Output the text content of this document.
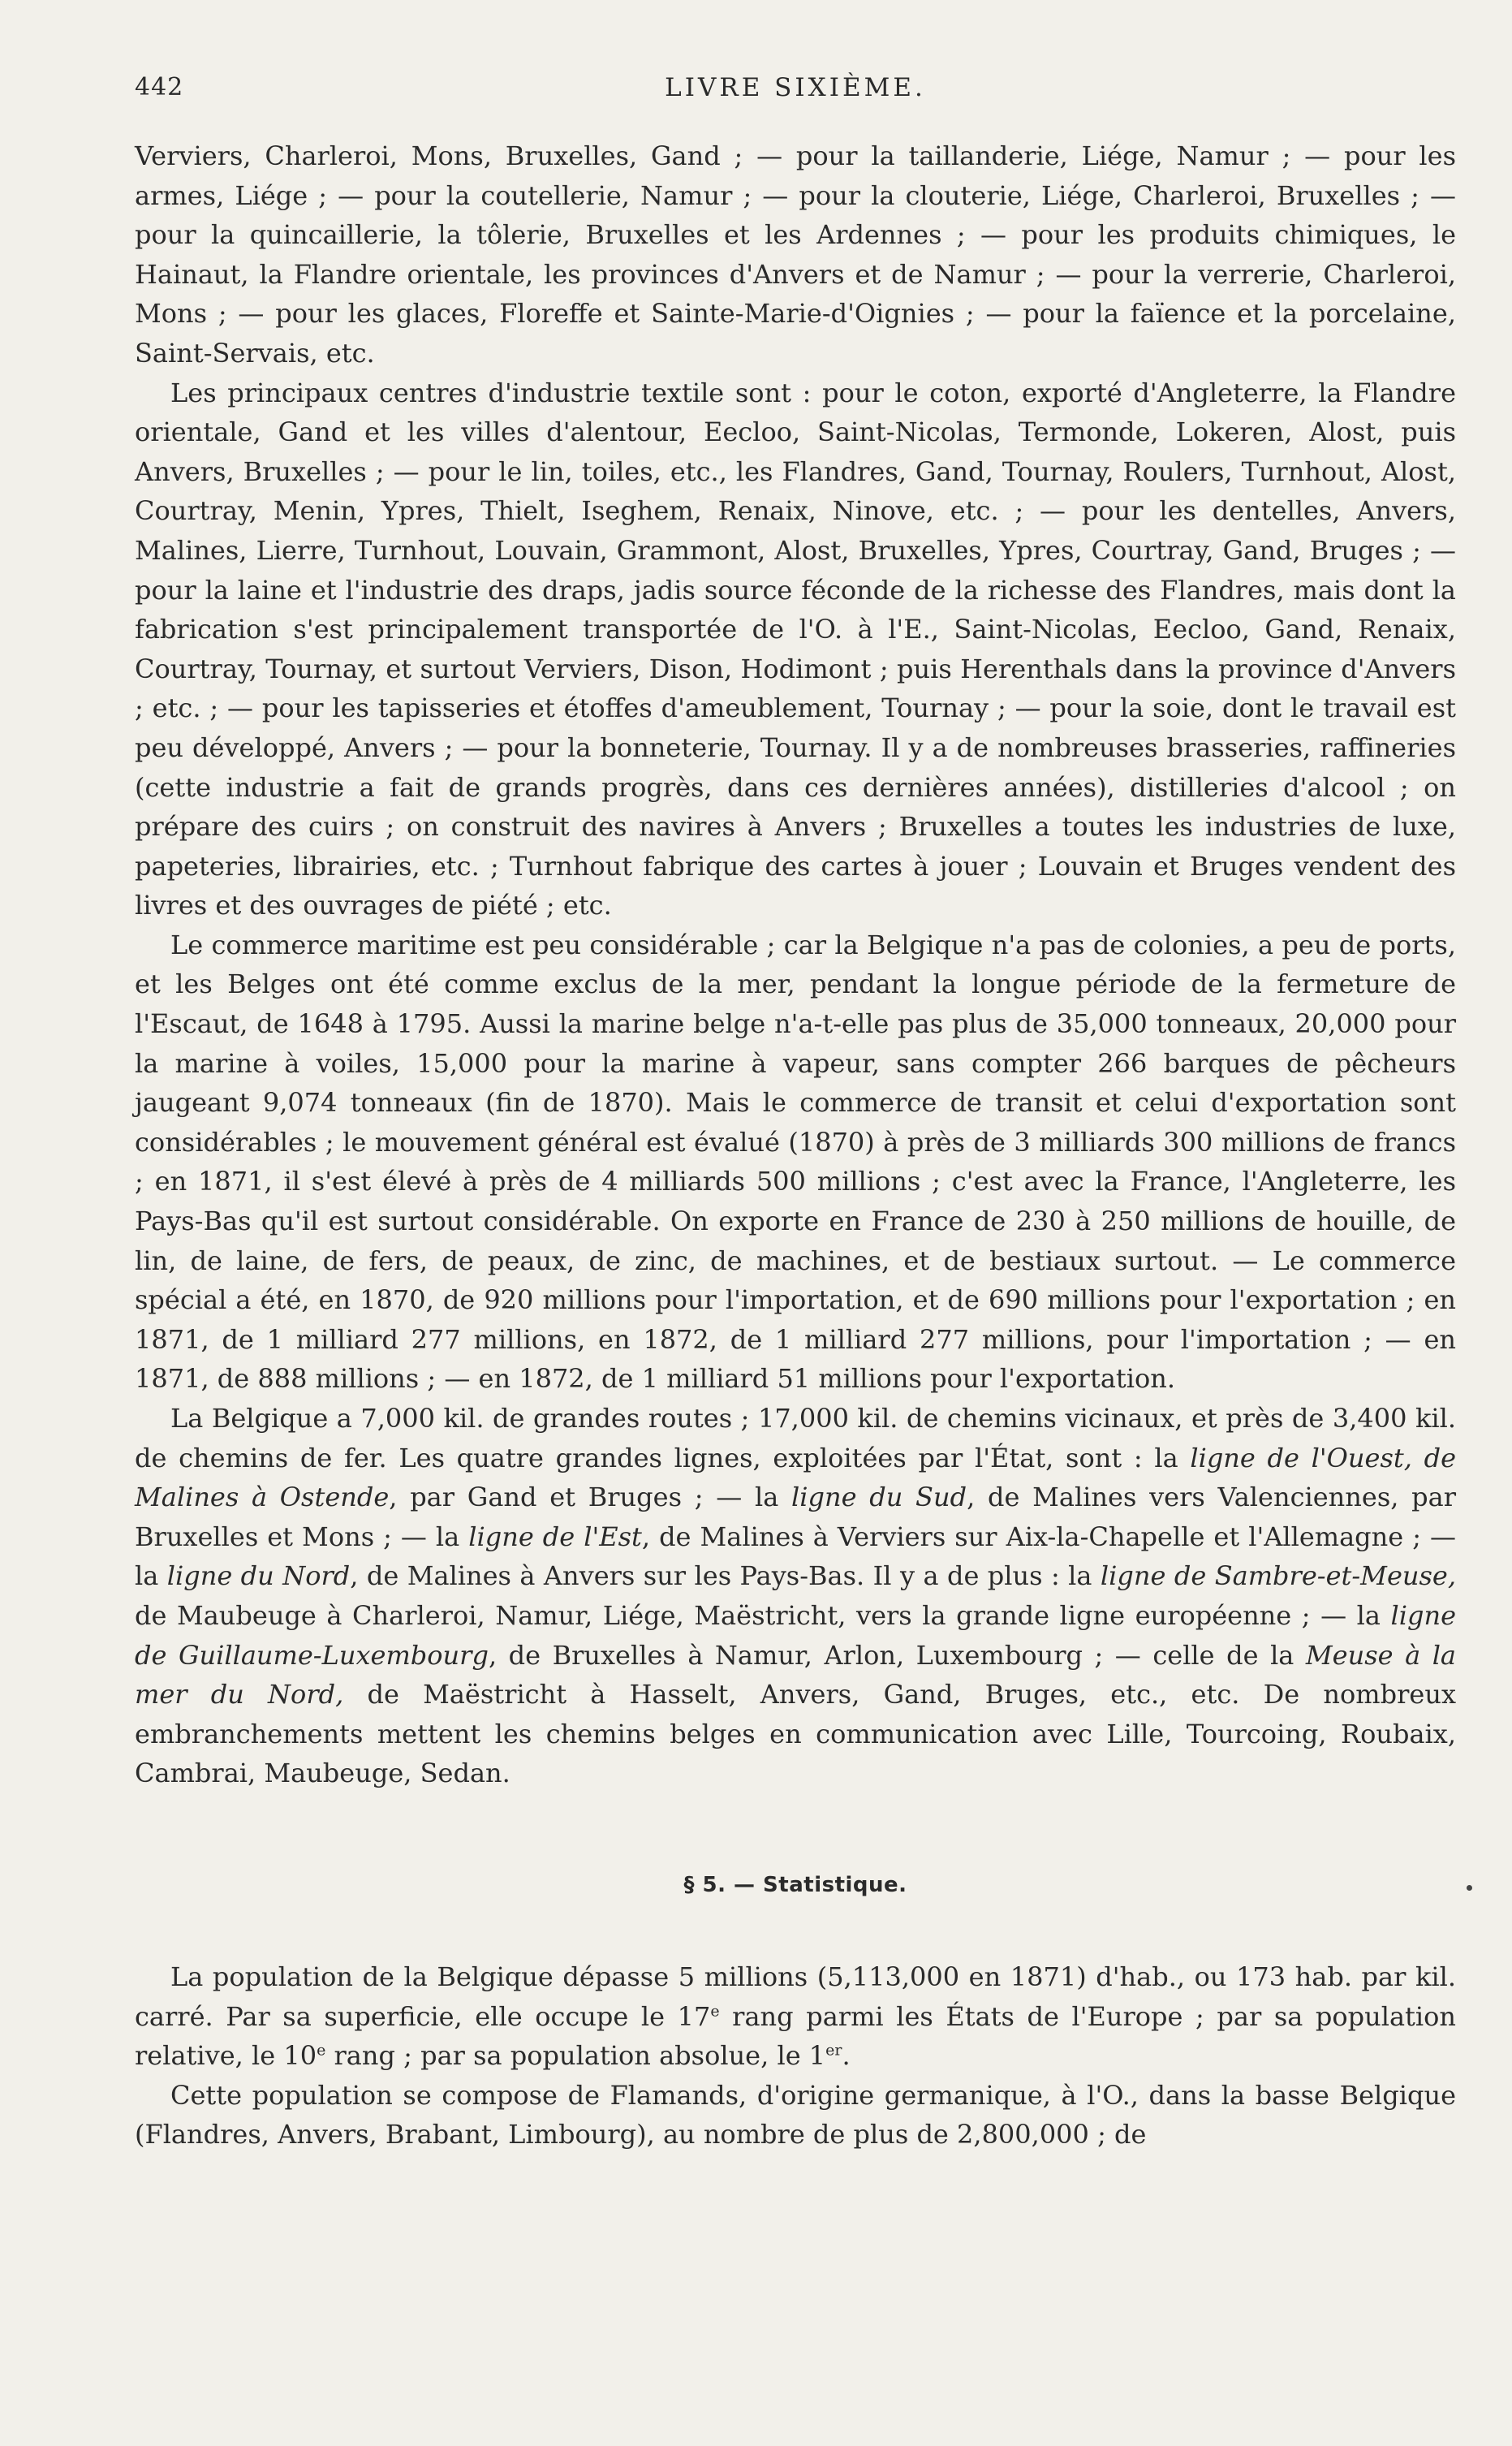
442	LIVRE SIXIÈME.

Verviers, Charleroi, Mons, Bruxelles, Gand ; — pour la taillanderie, Liége, Namur ; — pour les armes, Liége ; — pour la coutellerie, Namur ; — pour la clouterie, Liége, Charleroi, Bruxelles ; — pour la quincaillerie, la tôlerie, Bruxelles et les Ardennes ; — pour les produits chimiques, le Hainaut, la Flandre orientale, les provinces d'Anvers et de Namur ; — pour la verrerie, Charleroi, Mons ; — pour les glaces, Floreffe et Sainte-Marie-d'Oignies ; — pour la faïence et la porcelaine, Saint-Servais, etc.

Les principaux centres d'industrie textile sont : pour le coton, exporté d'Angleterre, la Flandre orientale, Gand et les villes d'alentour, Eecloo, Saint-Nicolas, Termonde, Lokeren, Alost, puis Anvers, Bruxelles ; — pour le lin, toiles, etc., les Flandres, Gand, Tournay, Roulers, Turnhout, Alost, Courtray, Menin, Ypres, Thielt, Iseghem, Renaix, Ninove, etc. ; — pour les dentelles, Anvers, Malines, Lierre, Turnhout, Louvain, Grammont, Alost, Bruxelles, Ypres, Courtray, Gand, Bruges ; — pour la laine et l'industrie des draps, jadis source féconde de la richesse des Flandres, mais dont la fabrication s'est principalement transportée de l'O. à l'E., Saint-Nicolas, Eecloo, Gand, Renaix, Courtray, Tournay, et surtout Verviers, Dison, Hodimont ; puis Herenthals dans la province d'Anvers ; etc. ; — pour les tapisseries et étoffes d'ameublement, Tournay ; — pour la soie, dont le travail est peu développé, Anvers ; — pour la bonneterie, Tournay. Il y a de nombreuses brasseries, raffineries (cette industrie a fait de grands progrès, dans ces dernières années), distilleries d'alcool ; on prépare des cuirs ; on construit des navires à Anvers ; Bruxelles a toutes les industries de luxe, papeteries, librairies, etc. ; Turnhout fabrique des cartes à jouer ; Louvain et Bruges vendent des livres et des ouvrages de piété ; etc.

Le commerce maritime est peu considérable ; car la Belgique n'a pas de colonies, a peu de ports, et les Belges ont été comme exclus de la mer, pendant la longue période de la fermeture de l'Escaut, de 1648 à 1795. Aussi la marine belge n'a-t-elle pas plus de 35,000 tonneaux, 20,000 pour la marine à voiles, 15,000 pour la marine à vapeur, sans compter 266 barques de pêcheurs jaugeant 9,074 tonneaux (fin de 1870). Mais le commerce de transit et celui d'exportation sont considérables ; le mouvement général est évalué (1870) à près de 3 milliards 300 millions de francs ; en 1871, il s'est élevé à près de 4 milliards 500 millions ; c'est avec la France, l'Angleterre, les Pays-Bas qu'il est surtout considérable. On exporte en France de 230 à 250 millions de houille, de lin, de laine, de fers, de peaux, de zinc, de machines, et de bestiaux surtout. — Le commerce spécial a été, en 1870, de 920 millions pour l'importation, et de 690 millions pour l'exportation ; en 1871, de 1 milliard 277 millions, en 1872, de 1 milliard 277 millions, pour l'importation ; — en 1871, de 888 millions ; — en 1872, de 1 milliard 51 millions pour l'exportation.

La Belgique a 7,000 kil. de grandes routes ; 17,000 kil. de chemins vicinaux, et près de 3,400 kil. de chemins de fer. Les quatre grandes lignes, exploitées par l'État, sont : la ligne de l'Ouest, de Malines à Ostende, par Gand et Bruges ; — la ligne du Sud, de Malines vers Valenciennes, par Bruxelles et Mons ; — la ligne de l'Est, de Malines à Verviers sur Aix-la-Chapelle et l'Allemagne ; — la ligne du Nord, de Malines à Anvers sur les Pays-Bas. Il y a de plus : la ligne de Sambre-et-Meuse, de Maubeuge à Charleroi, Namur, Liége, Maëstricht, vers la grande ligne européenne ; — la ligne de Guillaume-Luxembourg, de Bruxelles à Namur, Arlon, Luxembourg ; — celle de la Meuse à la mer du Nord, de Maëstricht à Hasselt, Anvers, Gand, Bruges, etc., etc. De nombreux embranchements mettent les chemins belges en communication avec Lille, Tourcoing, Roubaix, Cambrai, Maubeuge, Sedan.

§ 5. — Statistique.

La population de la Belgique dépasse 5 millions (5,113,000 en 1871) d'hab., ou 173 hab. par kil. carré. Par sa superficie, elle occupe le 17e rang parmi les États de l'Europe ; par sa population relative, le 10e rang ; par sa population absolue, le 1er.

Cette population se compose de Flamands, d'origine germanique, à l'O., dans la basse Belgique (Flandres, Anvers, Brabant, Limbourg), au nombre de plus de 2,800,000 ; de
